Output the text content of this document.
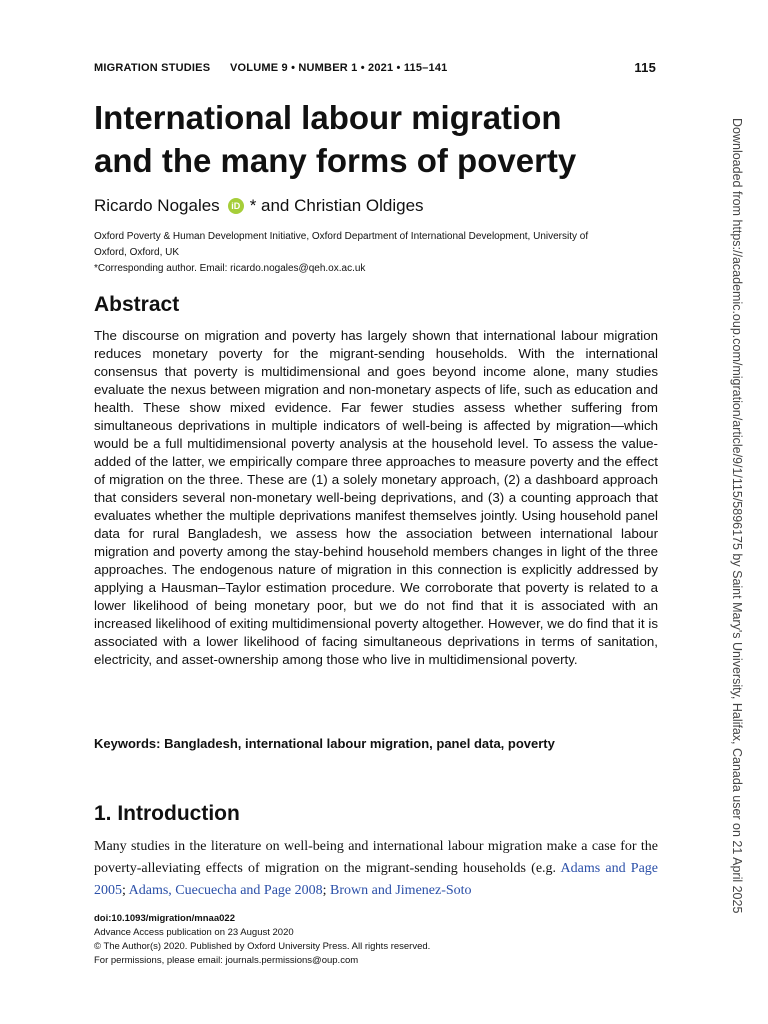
MIGRATION STUDIES VOLUME 9 • NUMBER 1 • 2021 • 115–141	115
International labour migration
and the many forms of poverty
Ricardo Nogales	iD * and Christian Oldiges

Oxford Poverty & Human Development Initiative, Oxford Department of International Development, University of

Oxford, Oxford, UK

*Corresponding author. Email: ricardo.nogales@qeh.ox.ac.uk

Abstract

The discourse on migration and poverty has largely shown that international labour migration reduces monetary poverty for the migrant-sending households. With the international consensus that poverty is multidimensional and goes beyond income alone, many studies evaluate the nexus between migration and non-monetary aspects of life, such as education and health. These show mixed evidence. Far fewer studies assess whether suffering from simultaneous deprivations in multiple indicators of well-being is affected by migration—which would be a full multidimensional poverty analysis at the household level. To assess the value-added of the latter, we empirically compare three approaches to measure poverty and the effect of migration on the three. These are (1) a solely monetary approach, (2) a dashboard approach that considers several non-monetary well-being deprivations, and (3) a counting approach that evaluates whether the multiple deprivations manifest themselves jointly. Using household panel data for rural Bangladesh, we assess how the association between international labour migration and poverty among the stay-behind household members changes in light of the three approaches. The endogenous nature of migration in this connection is explicitly addressed by applying a Hausman–Taylor estimation procedure. We corroborate that poverty is related to a lower likelihood of being monetary poor, but we do not find that it is associated with an increased likelihood of exiting multidimensional poverty altogether. However, we do find that it is associated with a lower likelihood of facing simultaneous deprivations in terms of sanitation, electricity, and asset-ownership among those who live in multidimensional poverty.

Keywords: Bangladesh, international labour migration, panel data, poverty

1. Introduction

Many studies in the literature on well-being and international labour migration make a case for the poverty-alleviating effects of migration on the migrant-sending households (e.g. Adams and Page 2005; Adams, Cuecuecha and Page 2008; Brown and Jimenez-Soto

doi:10.1093/migration/mnaa022

Advance Access publication on 23 August 2020

© The Author(s) 2020. Published by Oxford University Press. All rights reserved.

For permissions, please email: journals.permissions@oup.com

Downloaded from https://academic.oup.com/migration/article/9/1/115/5896175 by Saint Mary's University, Halifax, Canada user on 21 April 2025
